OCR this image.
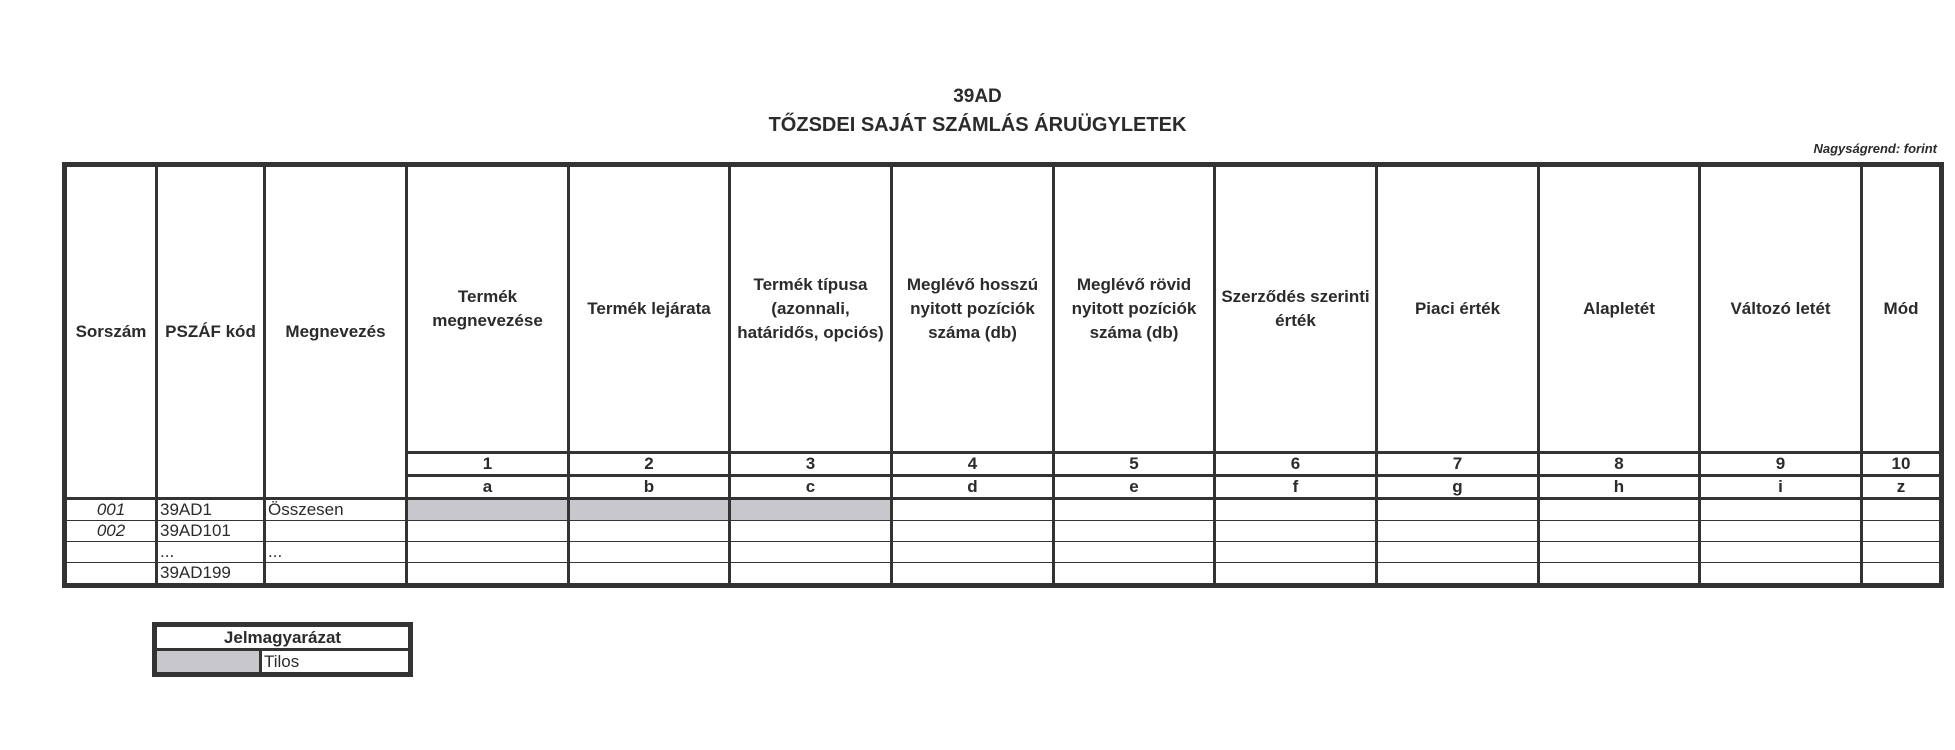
39AD
TŐZSDEI SAJÁT SZÁMLÁS ÁRUÜGYLETEK
Nagyságrend: forint
Sorszám	PSZÁF kód	Megnevezés	Termék megnevezése	Termék lejárata	Termék típusa (azonnali, határidős, opciós)	Meglévő hosszú nyitott pozíciók száma (db)	Meglévő rövid nyitott pozíciók száma (db)	Szerződés szerinti érték	Piaci érték	Alapletét	Változó letét	Mód
			1	2	3	4	5	6	7	8	9	10
			a	b	c	d	e	f	g	h	i	z
001	39AD1	Összesen										
002	39AD101											
	...	...										
	39AD199											
Jelmagyarázat
	Tilos
